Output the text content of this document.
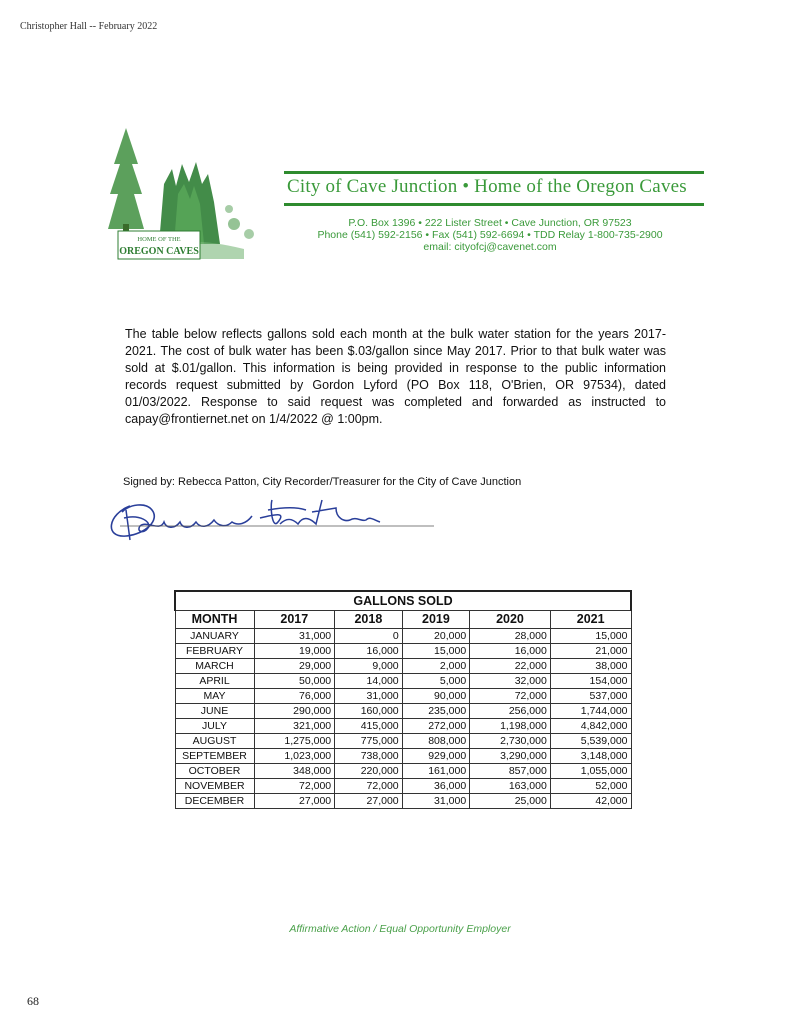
Christopher Hall -- February 2022
HOME OF THE
OREGON CAVES
City of Cave Junction • Home of the Oregon Caves
P.O. Box 1396 • 222 Lister Street • Cave Junction, OR 97523
Phone (541) 592-2156 • Fax (541) 592-6694 • TDD Relay 1-800-735-2900
email: cityofcj@cavenet.com
The table below reflects gallons sold each month at the bulk water station for the years 2017-2021. The cost of bulk water has been $.03/gallon since May 2017. Prior to that bulk water was sold at $.01/gallon. This information is being provided in response to the public information records request submitted by Gordon Lyford (PO Box 118, O'Brien, OR 97534), dated 01/03/2022. Response to said request was completed and forwarded as instructed to capay@frontiernet.net on 1/4/2022 @ 1:00pm.
Signed by: Rebecca Patton, City Recorder/Treasurer for the City of Cave Junction
GALLONS SOLD					
MONTH	2017	2018	2019	2020	2021
JANUARY	31,000	0	20,000	28,000	15,000
FEBRUARY	19,000	16,000	15,000	16,000	21,000
MARCH	29,000	9,000	2,000	22,000	38,000
APRIL	50,000	14,000	5,000	32,000	154,000
MAY	76,000	31,000	90,000	72,000	537,000
JUNE	290,000	160,000	235,000	256,000	1,744,000
JULY	321,000	415,000	272,000	1,198,000	4,842,000
AUGUST	1,275,000	775,000	808,000	2,730,000	5,539,000
SEPTEMBER	1,023,000	738,000	929,000	3,290,000	3,148,000
OCTOBER	348,000	220,000	161,000	857,000	1,055,000
NOVEMBER	72,000	72,000	36,000	163,000	52,000
DECEMBER	27,000	27,000	31,000	25,000	42,000
Affirmative Action / Equal Opportunity Employer
68
